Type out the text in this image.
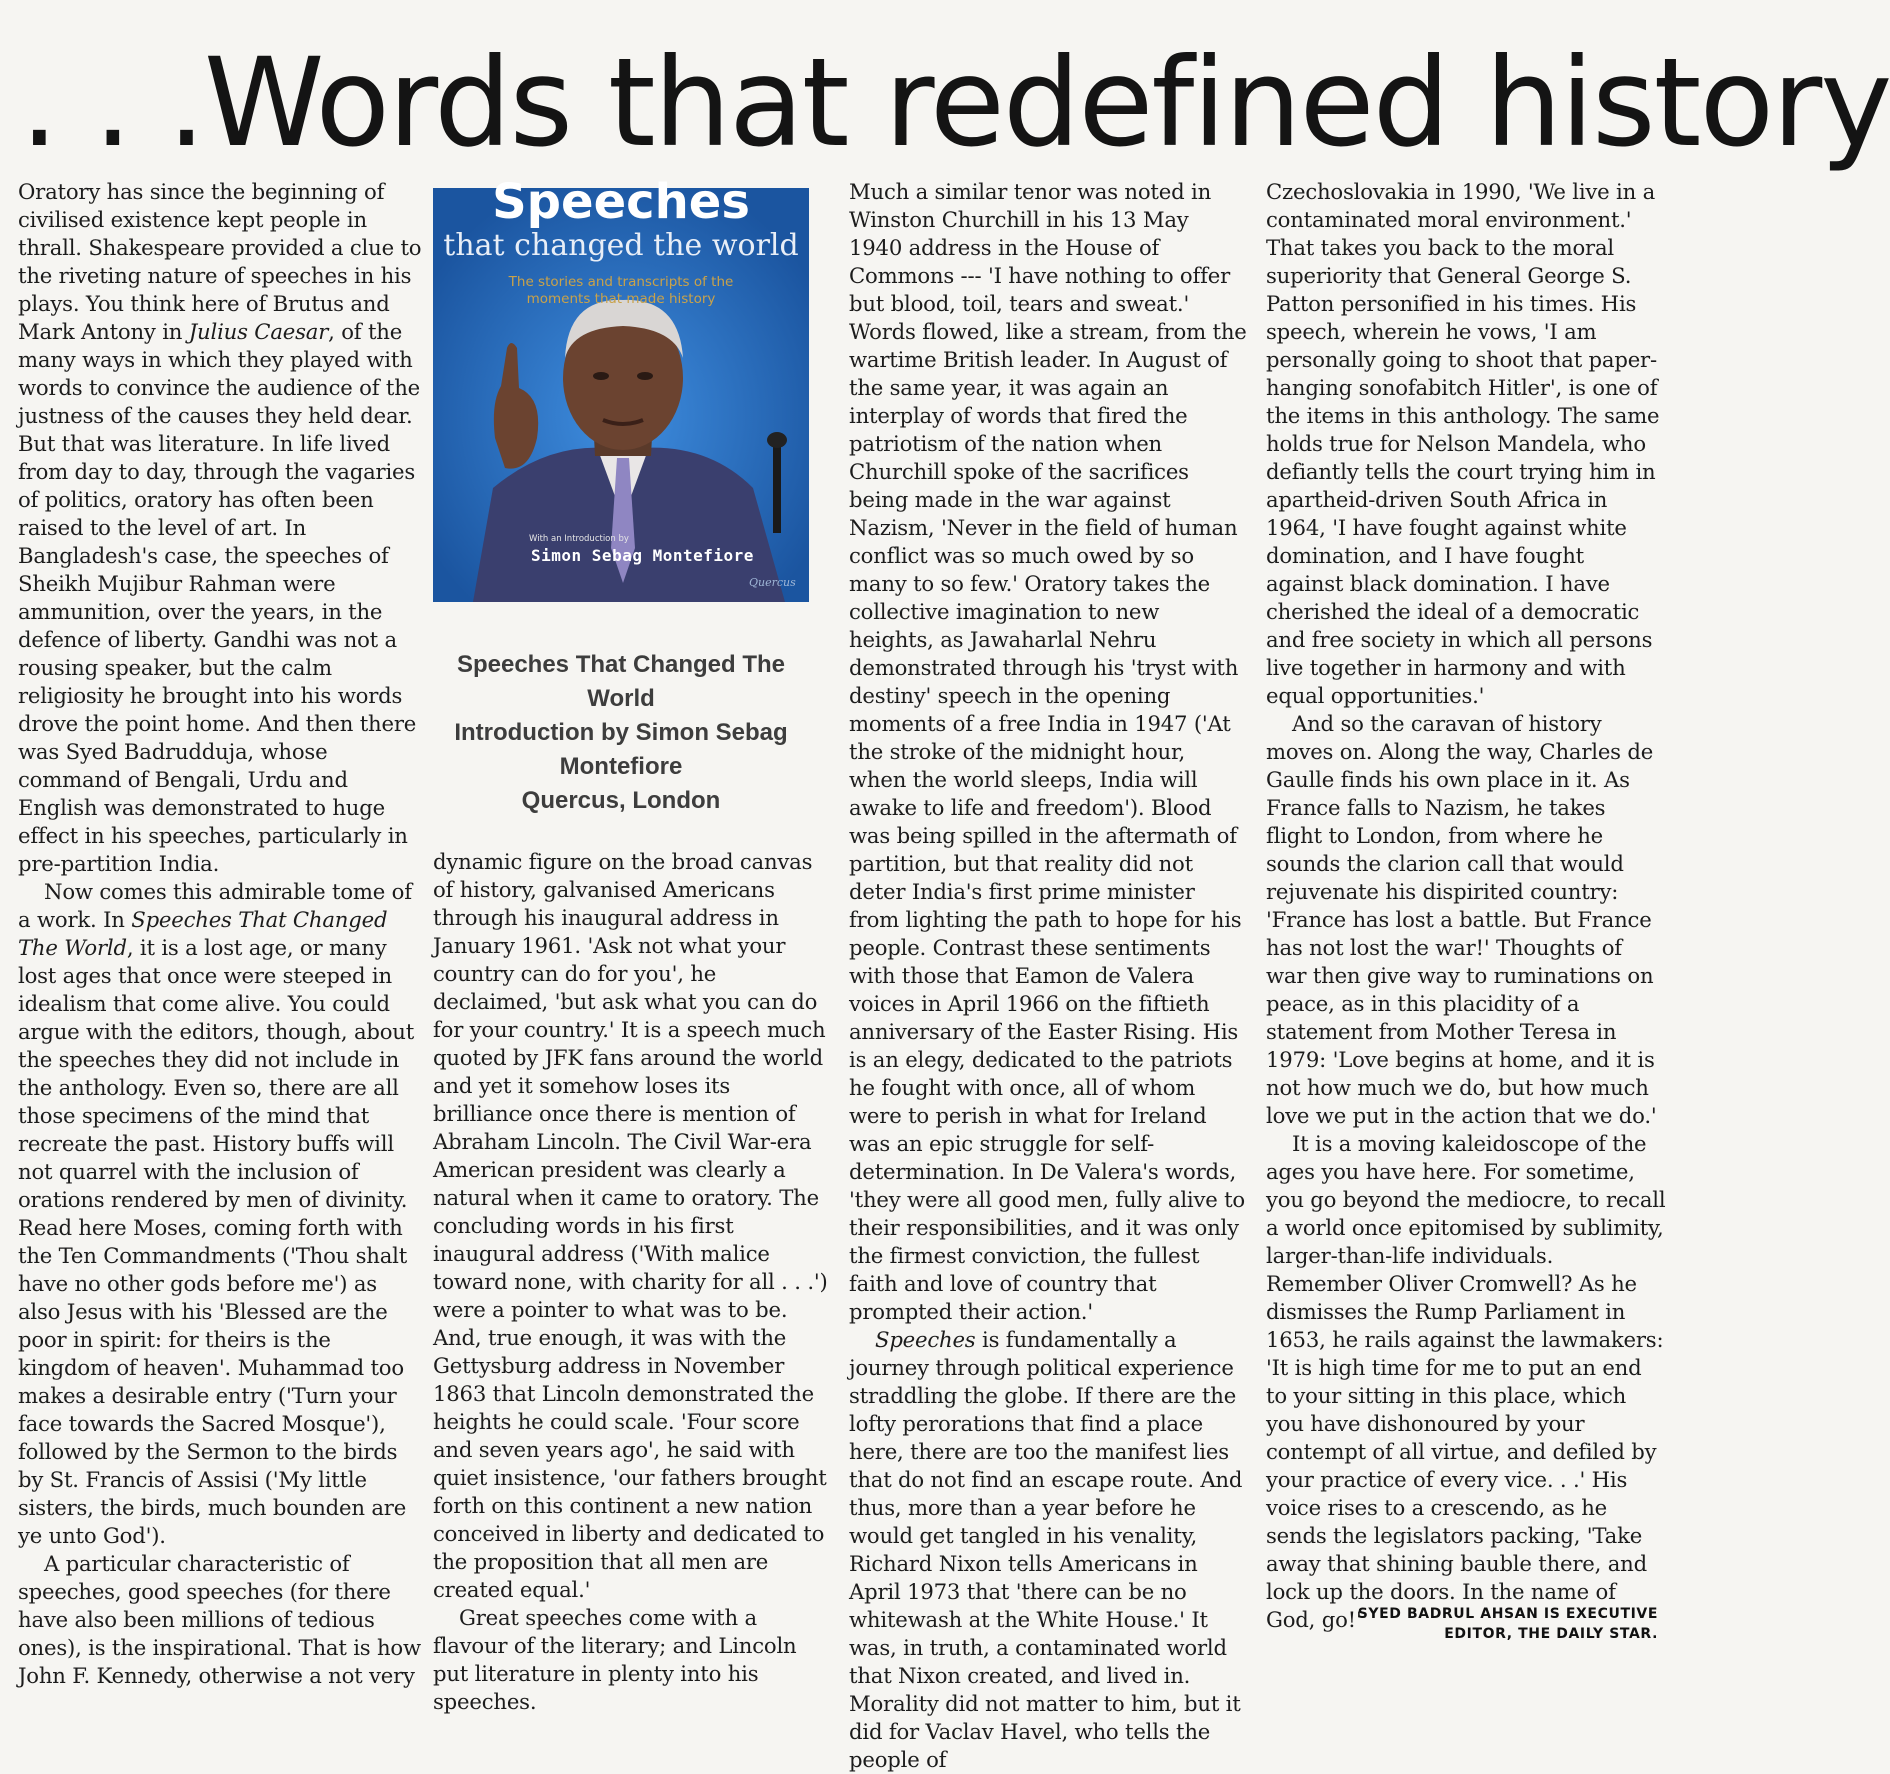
. . .Words that redefined history

Oratory has since the beginning of civilised existence kept people in thrall. Shakespeare provided a clue to the riveting nature of speeches in his plays. You think here of Brutus and Mark Antony in Julius Caesar, of the many ways in which they played with words to convince the audience of the justness of the causes they held dear. But that was literature. In life lived from day to day, through the vagaries of politics, oratory has often been raised to the level of art. In Bangladesh's case, the speeches of Sheikh Mujibur Rahman were ammunition, over the years, in the defence of liberty. Gandhi was not a rousing speaker, but the calm religiosity he brought into his words drove the point home. And then there was Syed Badrudduja, whose command of Bengali, Urdu and English was demonstrated to huge effect in his speeches, particularly in pre-partition India.

Now comes this admirable tome of a work. In Speeches That Changed The World, it is a lost age, or many lost ages that once were steeped in idealism that come alive. You could argue with the editors, though, about the speeches they did not include in the anthology. Even so, there are all those specimens of the mind that recreate the past. History buffs will not quarrel with the inclusion of orations rendered by men of divinity. Read here Moses, coming forth with the Ten Commandments ('Thou shalt have no other gods before me') as also Jesus with his 'Blessed are the poor in spirit: for theirs is the kingdom of heaven'. Muhammad too makes a desirable entry ('Turn your face towards the Sacred Mosque'), followed by the Sermon to the birds by St. Francis of Assisi ('My little sisters, the birds, much bounden are ye unto God').

A particular characteristic of speeches, good speeches (for there have also been millions of tedious ones), is the inspirational. That is how John F. Kennedy, otherwise a not very

Speeches
that changed the world
The stories and transcripts of the moments that made history
With an Introduction by
Simon Sebag Montefiore
Quercus
Speeches That Changed The
World
Introduction by Simon Sebag
Montefiore
Quercus, London

dynamic figure on the broad canvas of history, galvanised Americans through his inaugural address in January 1961. 'Ask not what your country can do for you', he declaimed, 'but ask what you can do for your country.' It is a speech much quoted by JFK fans around the world and yet it somehow loses its brilliance once there is mention of Abraham Lincoln. The Civil War-era American president was clearly a natural when it came to oratory. The concluding words in his first inaugural address ('With malice toward none, with charity for all . . .') were a pointer to what was to be. And, true enough, it was with the Gettysburg address in November 1863 that Lincoln demonstrated the heights he could scale. 'Four score and seven years ago', he said with quiet insistence, 'our fathers brought forth on this continent a new nation conceived in liberty and dedicated to the proposition that all men are created equal.'

Great speeches come with a flavour of the literary; and Lincoln put literature in plenty into his speeches.

Much a similar tenor was noted in Winston Churchill in his 13 May 1940 address in the House of Commons --- 'I have nothing to offer but blood, toil, tears and sweat.' Words flowed, like a stream, from the wartime British leader. In August of the same year, it was again an interplay of words that fired the patriotism of the nation when Churchill spoke of the sacrifices being made in the war against Nazism, 'Never in the field of human conflict was so much owed by so many to so few.' Oratory takes the collective imagination to new heights, as Jawaharlal Nehru demonstrated through his 'tryst with destiny' speech in the opening moments of a free India in 1947 ('At the stroke of the midnight hour, when the world sleeps, India will awake to life and freedom'). Blood was being spilled in the aftermath of partition, but that reality did not deter India's first prime minister from lighting the path to hope for his people. Contrast these sentiments with those that Eamon de Valera voices in April 1966 on the fiftieth anniversary of the Easter Rising. His is an elegy, dedicated to the patriots he fought with once, all of whom were to perish in what for Ireland was an epic struggle for self-determination. In De Valera's words, 'they were all good men, fully alive to their responsibilities, and it was only the firmest conviction, the fullest faith and love of country that prompted their action.'

Speeches is fundamentally a journey through political experience straddling the globe. If there are the lofty perorations that find a place here, there are too the manifest lies that do not find an escape route. And thus, more than a year before he would get tangled in his venality, Richard Nixon tells Americans in April 1973 that 'there can be no whitewash at the White House.' It was, in truth, a contaminated world that Nixon created, and lived in. Morality did not matter to him, but it did for Vaclav Havel, who tells the people of

Czechoslovakia in 1990, 'We live in a contaminated moral environment.' That takes you back to the moral superiority that General George S. Patton personified in his times. His speech, wherein he vows, 'I am personally going to shoot that paper-hanging sonofabitch Hitler', is one of the items in this anthology. The same holds true for Nelson Mandela, who defiantly tells the court trying him in apartheid-driven South Africa in 1964, 'I have fought against white domination, and I have fought against black domination. I have cherished the ideal of a democratic and free society in which all persons live together in harmony and with equal opportunities.'

And so the caravan of history moves on. Along the way, Charles de Gaulle finds his own place in it. As France falls to Nazism, he takes flight to London, from where he sounds the clarion call that would rejuvenate his dispirited country: 'France has lost a battle. But France has not lost the war!' Thoughts of war then give way to ruminations on peace, as in this placidity of a statement from Mother Teresa in 1979: 'Love begins at home, and it is not how much we do, but how much love we put in the action that we do.'

It is a moving kaleidoscope of the ages you have here. For sometime, you go beyond the mediocre, to recall a world once epitomised by sublimity, larger-than-life individuals. Remember Oliver Cromwell? As he dismisses the Rump Parliament in 1653, he rails against the lawmakers: 'It is high time for me to put an end to your sitting in this place, which you have dishonoured by your contempt of all virtue, and defiled by your practice of every vice. . .' His voice rises to a crescendo, as he sends the legislators packing, 'Take away that shining bauble there, and lock up the doors. In the name of God, go!'

SYED BADRUL AHSAN IS EXECUTIVE
EDITOR, THE DAILY STAR.
